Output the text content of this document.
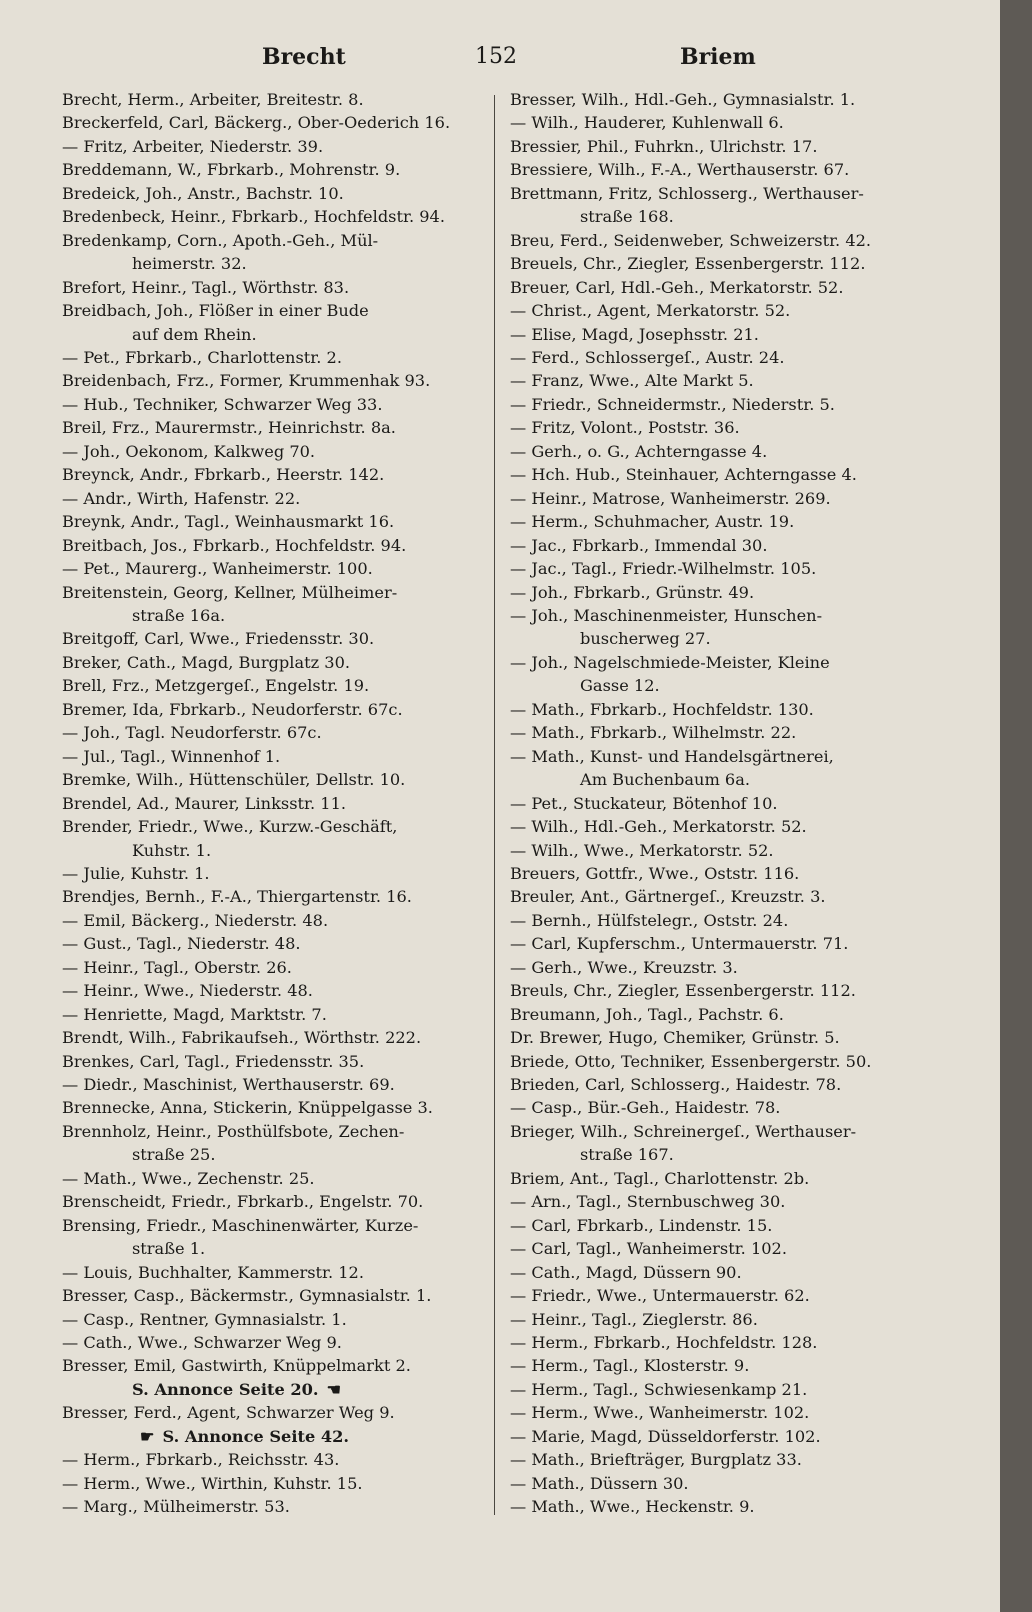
Brecht	152	Briem
Brecht, Herm., Arbeiter, Breitestr. 8.
Breckerfeld, Carl, Bäckerg., Ober-Oederich 16.
— Fritz, Arbeiter, Niederstr. 39.
Breddemann, W., Fbrkarb., Mohrenstr. 9.
Bredeick, Joh., Anstr., Bachstr. 10.
Bredenbeck, Heinr., Fbrkarb., Hochfeldstr. 94.
Bredenkamp, Corn., Apoth.-Geh., Mül-
heimerstr. 32.
Brefort, Heinr., Tagl., Wörthstr. 83.
Breidbach, Joh., Flößer in einer Bude
auf dem Rhein.
— Pet., Fbrkarb., Charlottenstr. 2.
Breidenbach, Frz., Former, Krummenhak 93.
— Hub., Techniker, Schwarzer Weg 33.
Breil, Frz., Maurermstr., Heinrichstr. 8a.
— Joh., Oekonom, Kalkweg 70.
Breynck, Andr., Fbrkarb., Heerstr. 142.
— Andr., Wirth, Hafenstr. 22.
Breynk, Andr., Tagl., Weinhausmarkt 16.
Breitbach, Jos., Fbrkarb., Hochfeldstr. 94.
— Pet., Maurerg., Wanheimerstr. 100.
Breitenstein, Georg, Kellner, Mülheimer-
straße 16a.
Breitgoff, Carl, Wwe., Friedensstr. 30.
Breker, Cath., Magd, Burgplatz 30.
Brell, Frz., Metzgergeſ., Engelstr. 19.
Bremer, Ida, Fbrkarb., Neudorferstr. 67c.
— Joh., Tagl. Neudorferstr. 67c.
— Jul., Tagl., Winnenhof 1.
Bremke, Wilh., Hüttenschüler, Dellstr. 10.
Brendel, Ad., Maurer, Linksstr. 11.
Brender, Friedr., Wwe., Kurzw.-Geschäft,
Kuhstr. 1.
— Julie, Kuhstr. 1.
Brendjes, Bernh., F.-A., Thiergartenstr. 16.
— Emil, Bäckerg., Niederstr. 48.
— Gust., Tagl., Niederstr. 48.
— Heinr., Tagl., Oberstr. 26.
— Heinr., Wwe., Niederstr. 48.
— Henriette, Magd, Marktstr. 7.
Brendt, Wilh., Fabrikaufseh., Wörthstr. 222.
Brenkes, Carl, Tagl., Friedensstr. 35.
— Diedr., Maschinist, Werthauserstr. 69.
Brennecke, Anna, Stickerin, Knüppelgasse 3.
Brennholz, Heinr., Posthülfsbote, Zechen-
straße 25.
— Math., Wwe., Zechenstr. 25.
Brenscheidt, Friedr., Fbrkarb., Engelstr. 70.
Brensing, Friedr., Maschinenwärter, Kurze-
straße 1.
— Louis, Buchhalter, Kammerstr. 12.
Bresser, Casp., Bäckermstr., Gymnasialstr. 1.
— Casp., Rentner, Gymnasialstr. 1.
— Cath., Wwe., Schwarzer Weg 9.
Bresser, Emil, Gastwirth, Knüppelmarkt 2.
S. Annonce Seite 20. ☚
Bresser, Ferd., Agent, Schwarzer Weg 9.
☛ S. Annonce Seite 42.
— Herm., Fbrkarb., Reichsstr. 43.
— Herm., Wwe., Wirthin, Kuhstr. 15.
— Marg., Mülheimerstr. 53.
Bresser, Wilh., Hdl.-Geh., Gymnasialstr. 1.
— Wilh., Hauderer, Kuhlenwall 6.
Bressier, Phil., Fuhrkn., Ulrichstr. 17.
Bressiere, Wilh., F.-A., Werthauserstr. 67.
Brettmann, Fritz, Schlosserg., Werthauser-
straße 168.
Breu, Ferd., Seidenweber, Schweizerstr. 42.
Breuels, Chr., Ziegler, Essenbergerstr. 112.
Breuer, Carl, Hdl.-Geh., Merkatorstr. 52.
— Christ., Agent, Merkatorstr. 52.
— Elise, Magd, Josephsstr. 21.
— Ferd., Schlossergeſ., Austr. 24.
— Franz, Wwe., Alte Markt 5.
— Friedr., Schneidermstr., Niederstr. 5.
— Fritz, Volont., Poststr. 36.
— Gerh., o. G., Achterngasse 4.
— Hch. Hub., Steinhauer, Achterngasse 4.
— Heinr., Matrose, Wanheimerstr. 269.
— Herm., Schuhmacher, Austr. 19.
— Jac., Fbrkarb., Immendal 30.
— Jac., Tagl., Friedr.-Wilhelmstr. 105.
— Joh., Fbrkarb., Grünstr. 49.
— Joh., Maschinenmeister, Hunschen-
buscherweg 27.
— Joh., Nagelschmiede-Meister, Kleine
Gasse 12.
— Math., Fbrkarb., Hochfeldstr. 130.
— Math., Fbrkarb., Wilhelmstr. 22.
— Math., Kunst- und Handelsgärtnerei,
Am Buchenbaum 6a.
— Pet., Stuckateur, Bötenhof 10.
— Wilh., Hdl.-Geh., Merkatorstr. 52.
— Wilh., Wwe., Merkatorstr. 52.
Breuers, Gottfr., Wwe., Oststr. 116.
Breuler, Ant., Gärtnergeſ., Kreuzstr. 3.
— Bernh., Hülfstelegr., Oststr. 24.
— Carl, Kupferschm., Untermauerstr. 71.
— Gerh., Wwe., Kreuzstr. 3.
Breuls, Chr., Ziegler, Essenbergerstr. 112.
Breumann, Joh., Tagl., Pachstr. 6.
Dr. Brewer, Hugo, Chemiker, Grünstr. 5.
Briede, Otto, Techniker, Essenbergerstr. 50.
Brieden, Carl, Schlosserg., Haidestr. 78.
— Casp., Bür.-Geh., Haidestr. 78.
Brieger, Wilh., Schreinergeſ., Werthauser-
straße 167.
Briem, Ant., Tagl., Charlottenstr. 2b.
— Arn., Tagl., Sternbuschweg 30.
— Carl, Fbrkarb., Lindenstr. 15.
— Carl, Tagl., Wanheimerstr. 102.
— Cath., Magd, Düssern 90.
— Friedr., Wwe., Untermauerstr. 62.
— Heinr., Tagl., Zieglerstr. 86.
— Herm., Fbrkarb., Hochfeldstr. 128.
— Herm., Tagl., Klosterstr. 9.
— Herm., Tagl., Schwiesenkamp 21.
— Herm., Wwe., Wanheimerstr. 102.
— Marie, Magd, Düsseldorferstr. 102.
— Math., Briefträger, Burgplatz 33.
— Math., Düssern 30.
— Math., Wwe., Heckenstr. 9.
